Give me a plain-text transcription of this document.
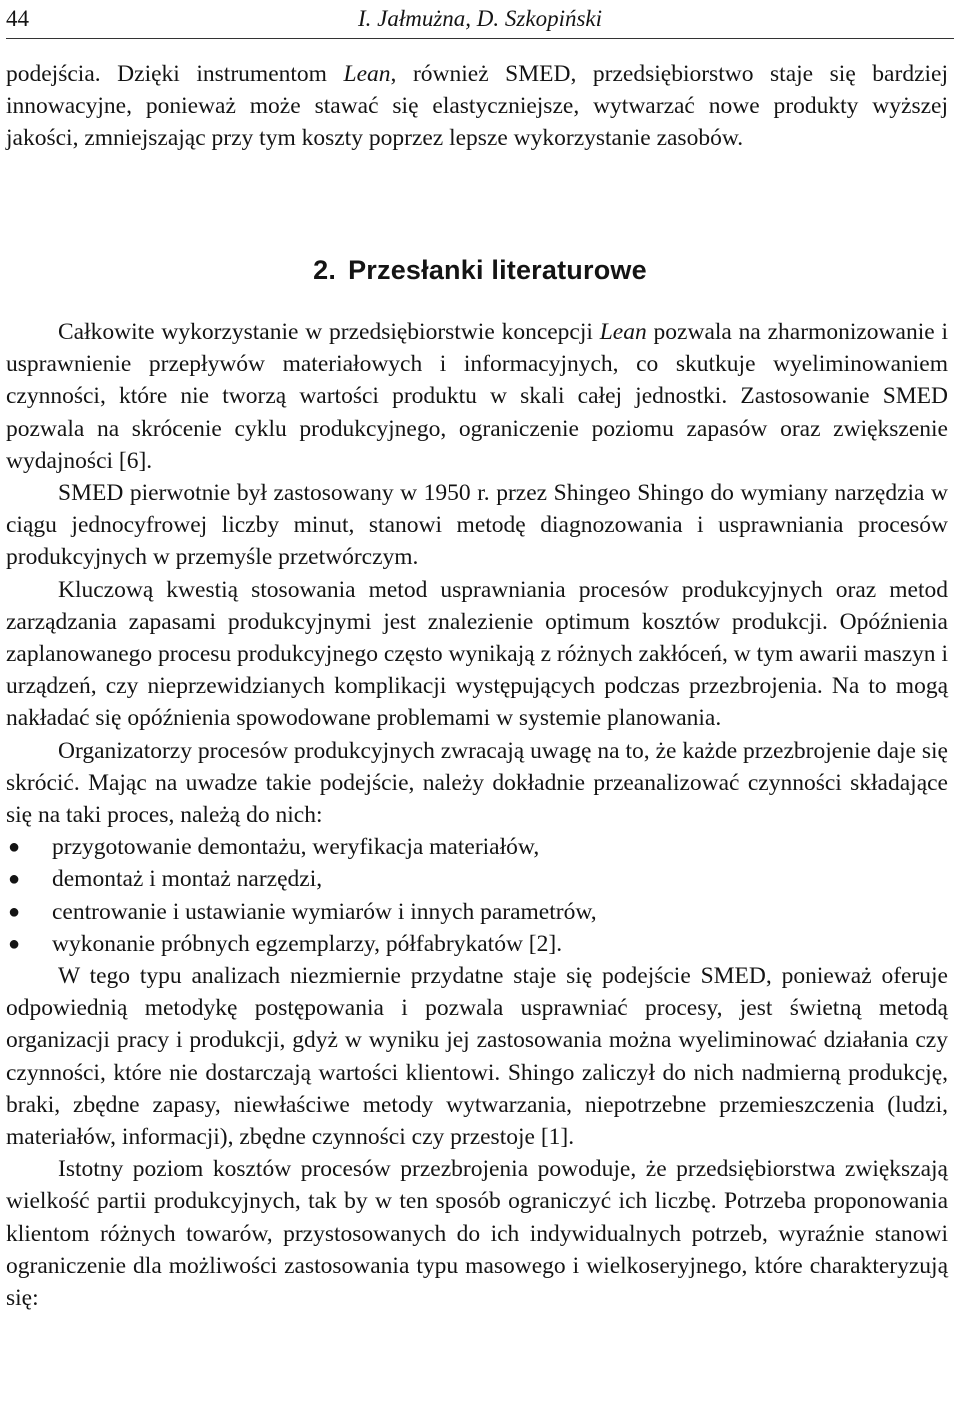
44	I. Jałmużna, D. Szkopiński

podejścia. Dzięki instrumentom Lean, również SMED, przedsiębiorstwo staje się bardziej innowacyjne, ponieważ może stawać się elastyczniejsze, wytwarzać nowe produkty wyższej jakości, zmniejszając przy tym koszty poprzez lepsze wykorzystanie zasobów.

2. Przesłanki literaturowe

Całkowite wykorzystanie w przedsiębiorstwie koncepcji Lean pozwala na zharmonizowanie i usprawnienie przepływów materiałowych i informacyjnych, co skutkuje wyeliminowaniem czynności, które nie tworzą wartości produktu w skali całej jednostki. Zastosowanie SMED pozwala na skrócenie cyklu produkcyjnego, ograniczenie poziomu zapasów oraz zwiększenie wydajności [6].

SMED pierwotnie był zastosowany w 1950 r. przez Shingeo Shingo do wymiany narzędzia w ciągu jednocyfrowej liczby minut, stanowi metodę diagnozowania i usprawniania procesów produkcyjnych w przemyśle przetwórczym.

Kluczową kwestią stosowania metod usprawniania procesów produkcyjnych oraz metod zarządzania zapasami produkcyjnymi jest znalezienie optimum kosztów produkcji. Opóźnienia zaplanowanego procesu produkcyjnego często wynikają z różnych zakłóceń, w tym awarii maszyn i urządzeń, czy nieprzewidzianych komplikacji występujących podczas przezbrojenia. Na to mogą nakładać się opóźnienia spowodowane problemami w systemie planowania.

Organizatorzy procesów produkcyjnych zwracają uwagę na to, że każde przezbrojenie daje się skrócić. Mając na uwadze takie podejście, należy dokładnie przeanalizować czynności składające się na taki proces, należą do nich:

● przygotowanie demontażu, weryfikacja materiałów,
● demontaż i montaż narzędzi,
● centrowanie i ustawianie wymiarów i innych parametrów,
● wykonanie próbnych egzemplarzy, półfabrykatów [2].

W tego typu analizach niezmiernie przydatne staje się podejście SMED, ponieważ oferuje odpowiednią metodykę postępowania i pozwala usprawniać procesy, jest świetną metodą organizacji pracy i produkcji, gdyż w wyniku jej zastosowania można wyeliminować działania czy czynności, które nie dostarczają wartości klientowi. Shingo zaliczył do nich nadmierną produkcję, braki, zbędne zapasy, niewłaściwe metody wytwarzania, niepotrzebne przemieszczenia (ludzi, materiałów, informacji), zbędne czynności czy przestoje [1].

Istotny poziom kosztów procesów przezbrojenia powoduje, że przedsiębiorstwa zwiększają wielkość partii produkcyjnych, tak by w ten sposób ograniczyć ich liczbę. Potrzeba proponowania klientom różnych towarów, przystosowanych do ich indywidualnych potrzeb, wyraźnie stanowi ograniczenie dla możliwości zastosowania typu masowego i wielkoseryjnego, które charakteryzują się:
